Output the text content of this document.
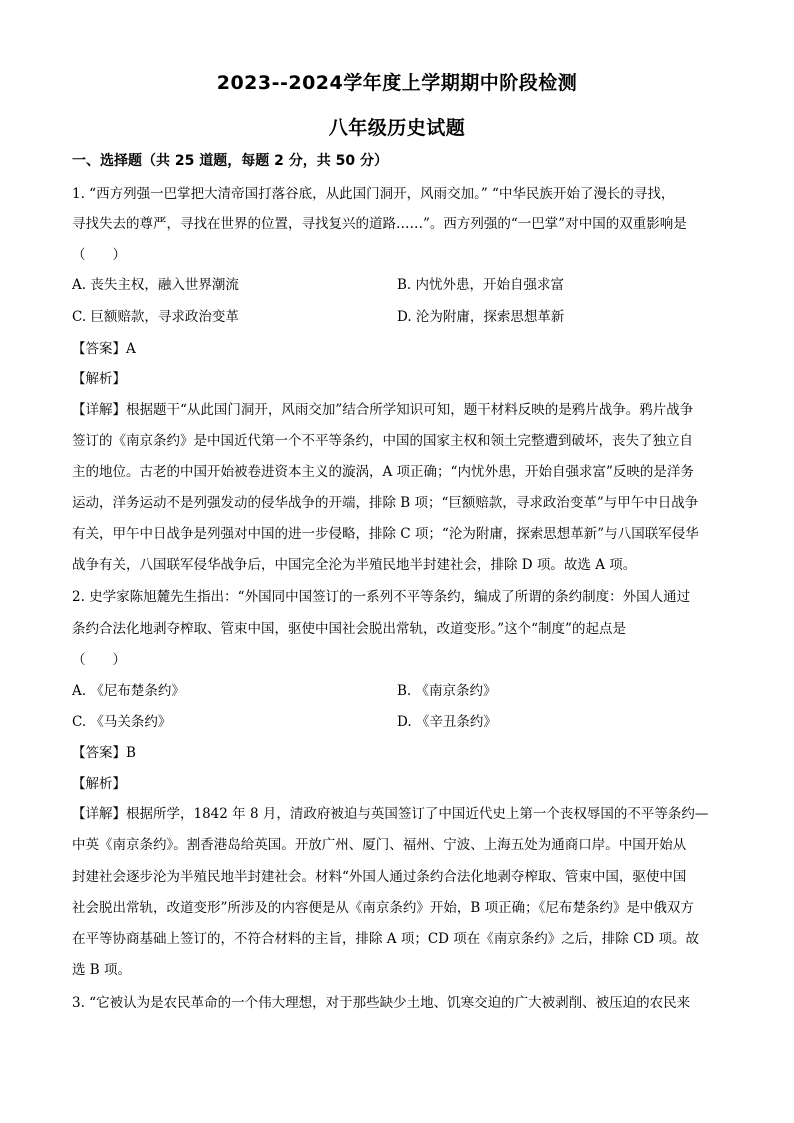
2023--2024学年度上学期期中阶段检测
八年级历史试题
一、选择题（共 25 道题，每题 2 分，共 50 分）
1. “西方列强一巴掌把大清帝国打落谷底，从此国门洞开，风雨交加。” “中华民族开始了漫长的寻找，
寻找失去的尊严，寻找在世界的位置，寻找复兴的道路……”。西方列强的“一巴掌”对中国的双重影响是
（　　）
A. 丧失主权，融入世界潮流	B. 内忧外患，开始自强求富
C. 巨额赔款，寻求政治变革	D. 沦为附庸，探索思想革新
【答案】A
【解析】
【详解】根据题干“从此国门洞开，风雨交加”结合所学知识可知，题干材料反映的是鸦片战争。鸦片战争
签订的《南京条约》是中国近代第一个不平等条约，中国的国家主权和领土完整遭到破坏，丧失了独立自
主的地位。古老的中国开始被卷进资本主义的漩涡，A 项正确；“内忧外患，开始自强求富”反映的是洋务
运动，洋务运动不是列强发动的侵华战争的开端，排除 B 项；“巨额赔款，寻求政治变革”与甲午中日战争
有关，甲午中日战争是列强对中国的进一步侵略，排除 C 项；“沦为附庸，探索思想革新”与八国联军侵华
战争有关，八国联军侵华战争后，中国完全沦为半殖民地半封建社会，排除 D 项。故选 A 项。
2. 史学家陈旭麓先生指出：“外国同中国签订的一系列不平等条约，编成了所谓的条约制度：外国人通过
条约合法化地剥夺榨取、管束中国，驱使中国社会脱出常轨，改道变形。”这个“制度”的起点是
（　　）
A. 《尼布楚条约》	B. 《南京条约》
C. 《马关条约》	D. 《辛丑条约》
【答案】B
【解析】
【详解】根据所学，1842 年 8 月，清政府被迫与英国签订了中国近代史上第一个丧权辱国的不平等条约—
中英《南京条约》。割香港岛给英国。开放广州、厦门、福州、宁波、上海五处为通商口岸。中国开始从
封建社会逐步沦为半殖民地半封建社会。材料“外国人通过条约合法化地剥夺榨取、管束中国，驱使中国
社会脱出常轨，改道变形”所涉及的内容便是从《南京条约》开始，B 项正确；《尼布楚条约》是中俄双方
在平等协商基础上签订的，不符合材料的主旨，排除 A 项；CD 项在《南京条约》之后，排除 CD 项。故
选 B 项。
3. “它被认为是农民革命的一个伟大理想，对于那些缺少土地、饥寒交迫的广大被剥削、被压迫的农民来
